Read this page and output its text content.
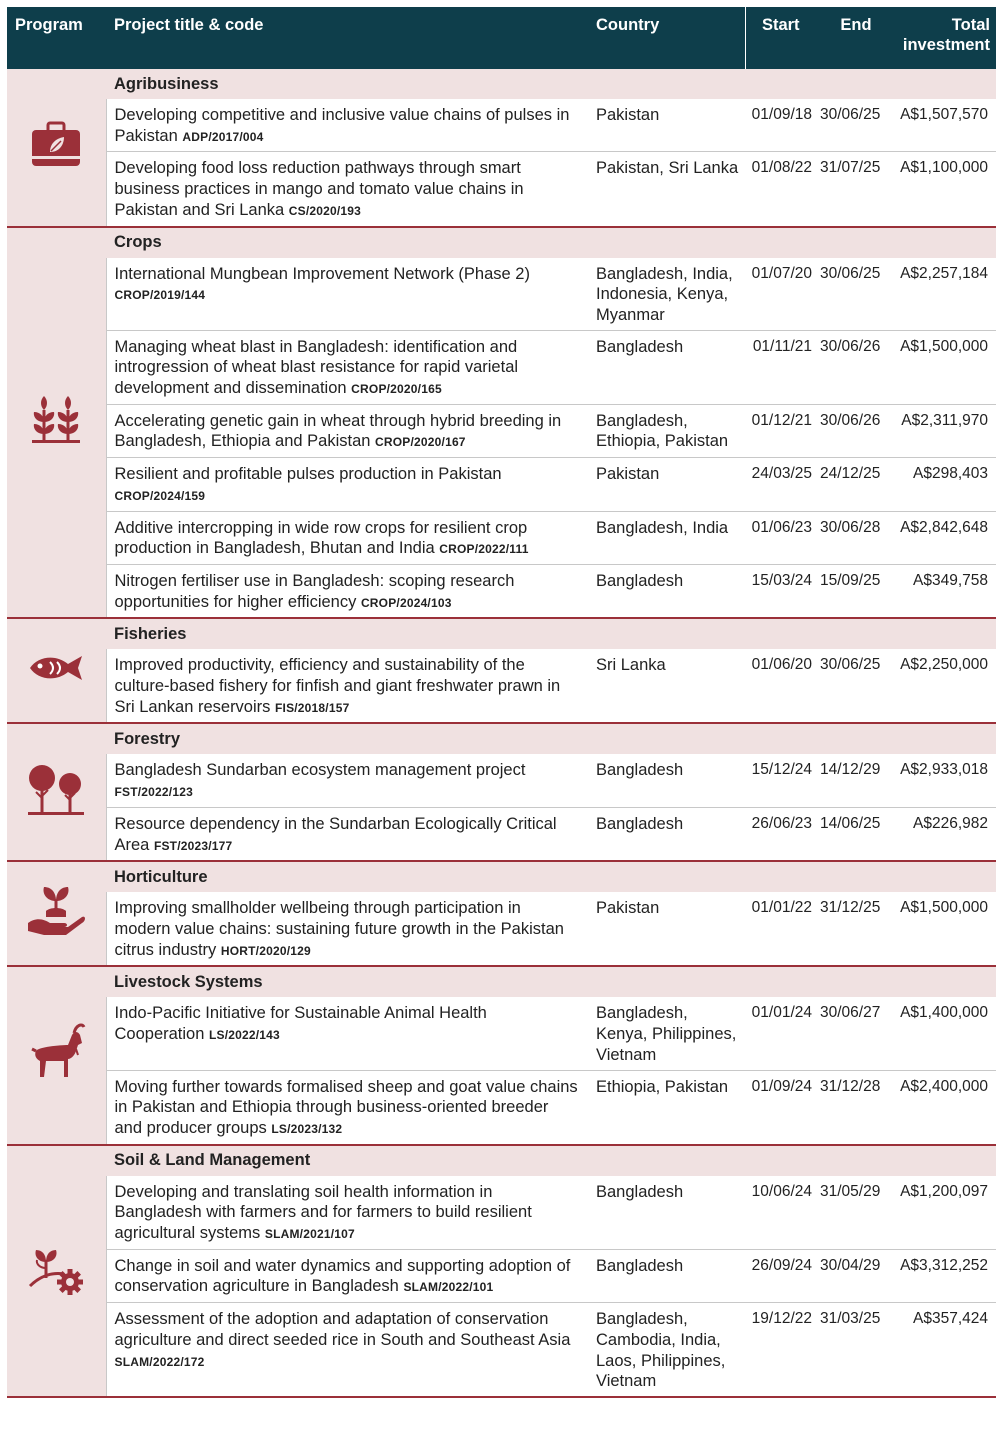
Program	Project title & code	Country	Start	End	Total investment
	Agribusiness				
	Developing competitive and inclusive value chains of pulses in Pakistan ADP/2017/004	Pakistan	01/09/18	30/06/25	A$1,507,570
	Developing food loss reduction pathways through smart business practices in mango and tomato value chains in Pakistan and Sri Lanka CS/2020/193	Pakistan, Sri Lanka	01/08/22	31/07/25	A$1,100,000
	Crops				
	International Mungbean Improvement Network (Phase 2) CROP/2019/144	Bangladesh, India, Indonesia, Kenya, Myanmar	01/07/20	30/06/25	A$2,257,184
	Managing wheat blast in Bangladesh: identification and introgression of wheat blast resistance for rapid varietal development and dissemination CROP/2020/165	Bangladesh	01/11/21	30/06/26	A$1,500,000
	Accelerating genetic gain in wheat through hybrid breeding in Bangladesh, Ethiopia and Pakistan CROP/2020/167	Bangladesh, Ethiopia, Pakistan	01/12/21	30/06/26	A$2,311,970
	Resilient and profitable pulses production in Pakistan CROP/2024/159	Pakistan	24/03/25	24/12/25	A$298,403
	Additive intercropping in wide row crops for resilient crop production in Bangladesh, Bhutan and India CROP/2022/111	Bangladesh, India	01/06/23	30/06/28	A$2,842,648
	Nitrogen fertiliser use in Bangladesh: scoping research opportunities for higher efficiency CROP/2024/103	Bangladesh	15/03/24	15/09/25	A$349,758
	Fisheries				
	Improved productivity, efficiency and sustainability of the culture-based fishery for finfish and giant freshwater prawn in Sri Lankan reservoirs FIS/2018/157	Sri Lanka	01/06/20	30/06/25	A$2,250,000
	Forestry				
	Bangladesh Sundarban ecosystem management project FST/2022/123	Bangladesh	15/12/24	14/12/29	A$2,933,018
	Resource dependency in the Sundarban Ecologically Critical Area FST/2023/177	Bangladesh	26/06/23	14/06/25	A$226,982
	Horticulture				
	Improving smallholder wellbeing through participation in modern value chains: sustaining future growth in the Pakistan citrus industry HORT/2020/129	Pakistan	01/01/22	31/12/25	A$1,500,000
	Livestock Systems				
	Indo-Pacific Initiative for Sustainable Animal Health Cooperation LS/2022/143	Bangladesh, Kenya, Philippines, Vietnam	01/01/24	30/06/27	A$1,400,000
	Moving further towards formalised sheep and goat value chains in Pakistan and Ethiopia through business-oriented breeder and producer groups LS/2023/132	Ethiopia, Pakistan	01/09/24	31/12/28	A$2,400,000
	Soil & Land Management				
	Developing and translating soil health information in Bangladesh with farmers and for farmers to build resilient agricultural systems SLAM/2021/107	Bangladesh	10/06/24	31/05/29	A$1,200,097
	Change in soil and water dynamics and supporting adoption of conservation agriculture in Bangladesh SLAM/2022/101	Bangladesh	26/09/24	30/04/29	A$3,312,252
	Assessment of the adoption and adaptation of conservation agriculture and direct seeded rice in South and Southeast Asia SLAM/2022/172	Bangladesh, Cambodia, India, Laos, Philippines, Vietnam	19/12/22	31/03/25	A$357,424
